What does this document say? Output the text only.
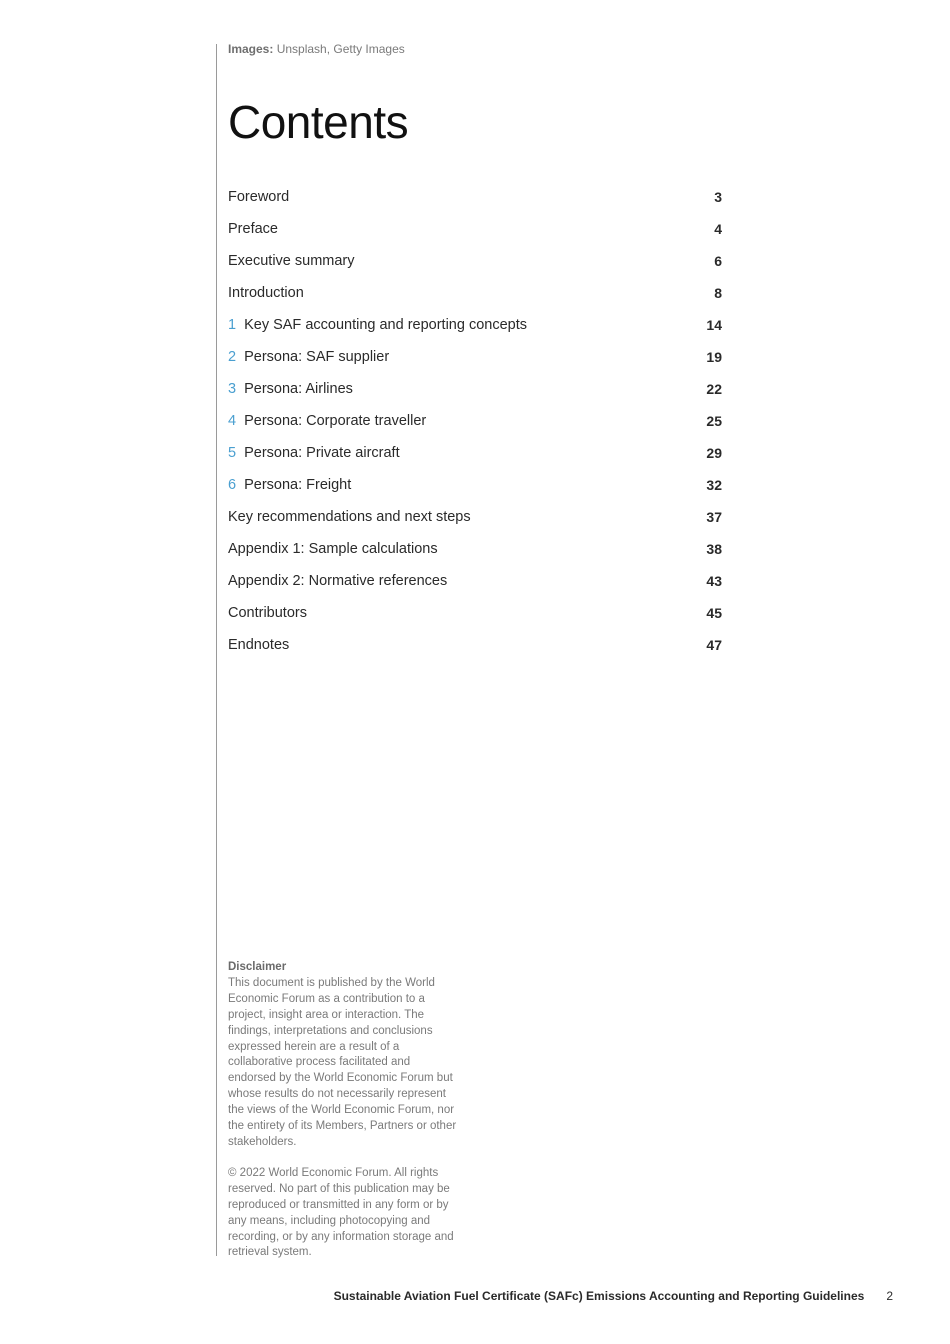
Images: Unsplash, Getty Images
Contents
Foreword	3
Preface	4
Executive summary	6
Introduction	8
1 Key SAF accounting and reporting concepts	14
2 Persona: SAF supplier	19
3 Persona: Airlines	22
4 Persona: Corporate traveller	25
5 Persona: Private aircraft	29
6 Persona: Freight	32
Key recommendations and next steps	37
Appendix 1: Sample calculations	38
Appendix 2: Normative references	43
Contributors	45
Endnotes	47
Disclaimer

This document is published by the World Economic Forum as a contribution to a project, insight area or interaction. The findings, interpretations and conclusions expressed herein are a result of a collaborative process facilitated and endorsed by the World Economic Forum but whose results do not necessarily represent the views of the World Economic Forum, nor the entirety of its Members, Partners or other stakeholders.

© 2022 World Economic Forum. All rights reserved. No part of this publication may be reproduced or transmitted in any form or by any means, including photocopying and recording, or by any information storage and retrieval system.

Sustainable Aviation Fuel Certificate (SAFc) Emissions Accounting and Reporting Guidelines 2
